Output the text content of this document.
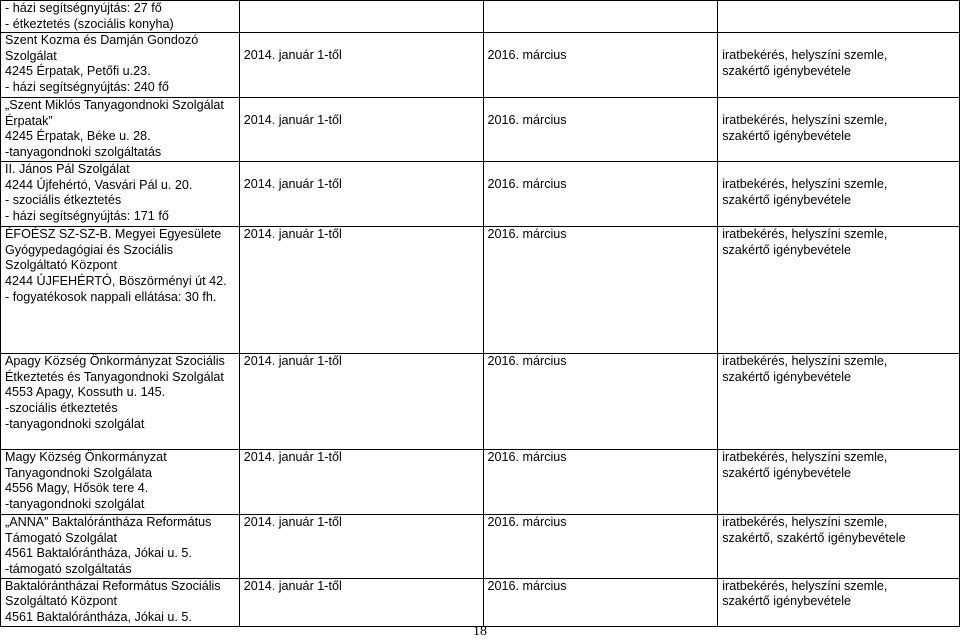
- házi segítségnyújtás: 27 fő
- étkeztetés (szociális konyha)			

Szent Kozma és Damján Gondozó Szolgálat
4245 Érpatak, Petőfi u.23.
- házi segítségnyújtás: 240 fő	2014. január 1-től	2016. március	iratbekérés, helyszíni szemle,
szakértő igénybevétele

„Szent Miklós Tanyagondnoki Szolgálat Érpatak”
4245 Érpatak, Béke u. 28.
-tanyagondnoki szolgáltatás	2014. január 1-től	2016. március	iratbekérés, helyszíni szemle,
szakértő igénybevétele

II. János Pál Szolgálat
4244 Újfehértó, Vasvári Pál u. 20.
- szociális étkeztetés
- házi segítségnyújtás: 171 fő	2014. január 1-től	2016. március	iratbekérés, helyszíni szemle,
szakértő igénybevétele

ÉFOÉSZ SZ-SZ-B. Megyei Egyesülete
Gyógypedagógiai és Szociális Szolgáltató Központ
4244 ÚJFEHÉRTÓ, Böszörményi út 42.
- fogyatékosok nappali ellátása: 30 fh.	2014. január 1-től	2016. március	iratbekérés, helyszíni szemle,
szakértő igénybevétele

Apagy Község Önkormányzat Szociális Étkeztetés és Tanyagondnoki Szolgálat
4553 Apagy, Kossuth u. 145.
-szociális étkeztetés
-tanyagondnoki szolgálat	2014. január 1-től	2016. március	iratbekérés, helyszíni szemle,
szakértő igénybevétele

Magy Község Önkormányzat Tanyagondnoki Szolgálata
4556 Magy, Hősök tere 4.
-tanyagondnoki szolgálat	2014. január 1-től	2016. március	iratbekérés, helyszíni szemle,
szakértő igénybevétele

„ANNA” Baktalórántháza Református Támogató Szolgálat
4561 Baktalórántháza, Jókai u. 5.
-támogató szolgáltatás	2014. január 1-től	2016. március	iratbekérés, helyszíni szemle,
szakértő, szakértő igénybevétele

Baktalórántházai Református Szociális Szolgáltató Központ
4561 Baktalórántháza, Jókai u. 5.	2014. január 1-től	2016. március	iratbekérés, helyszíni szemle,
szakértő igénybevétele
18
